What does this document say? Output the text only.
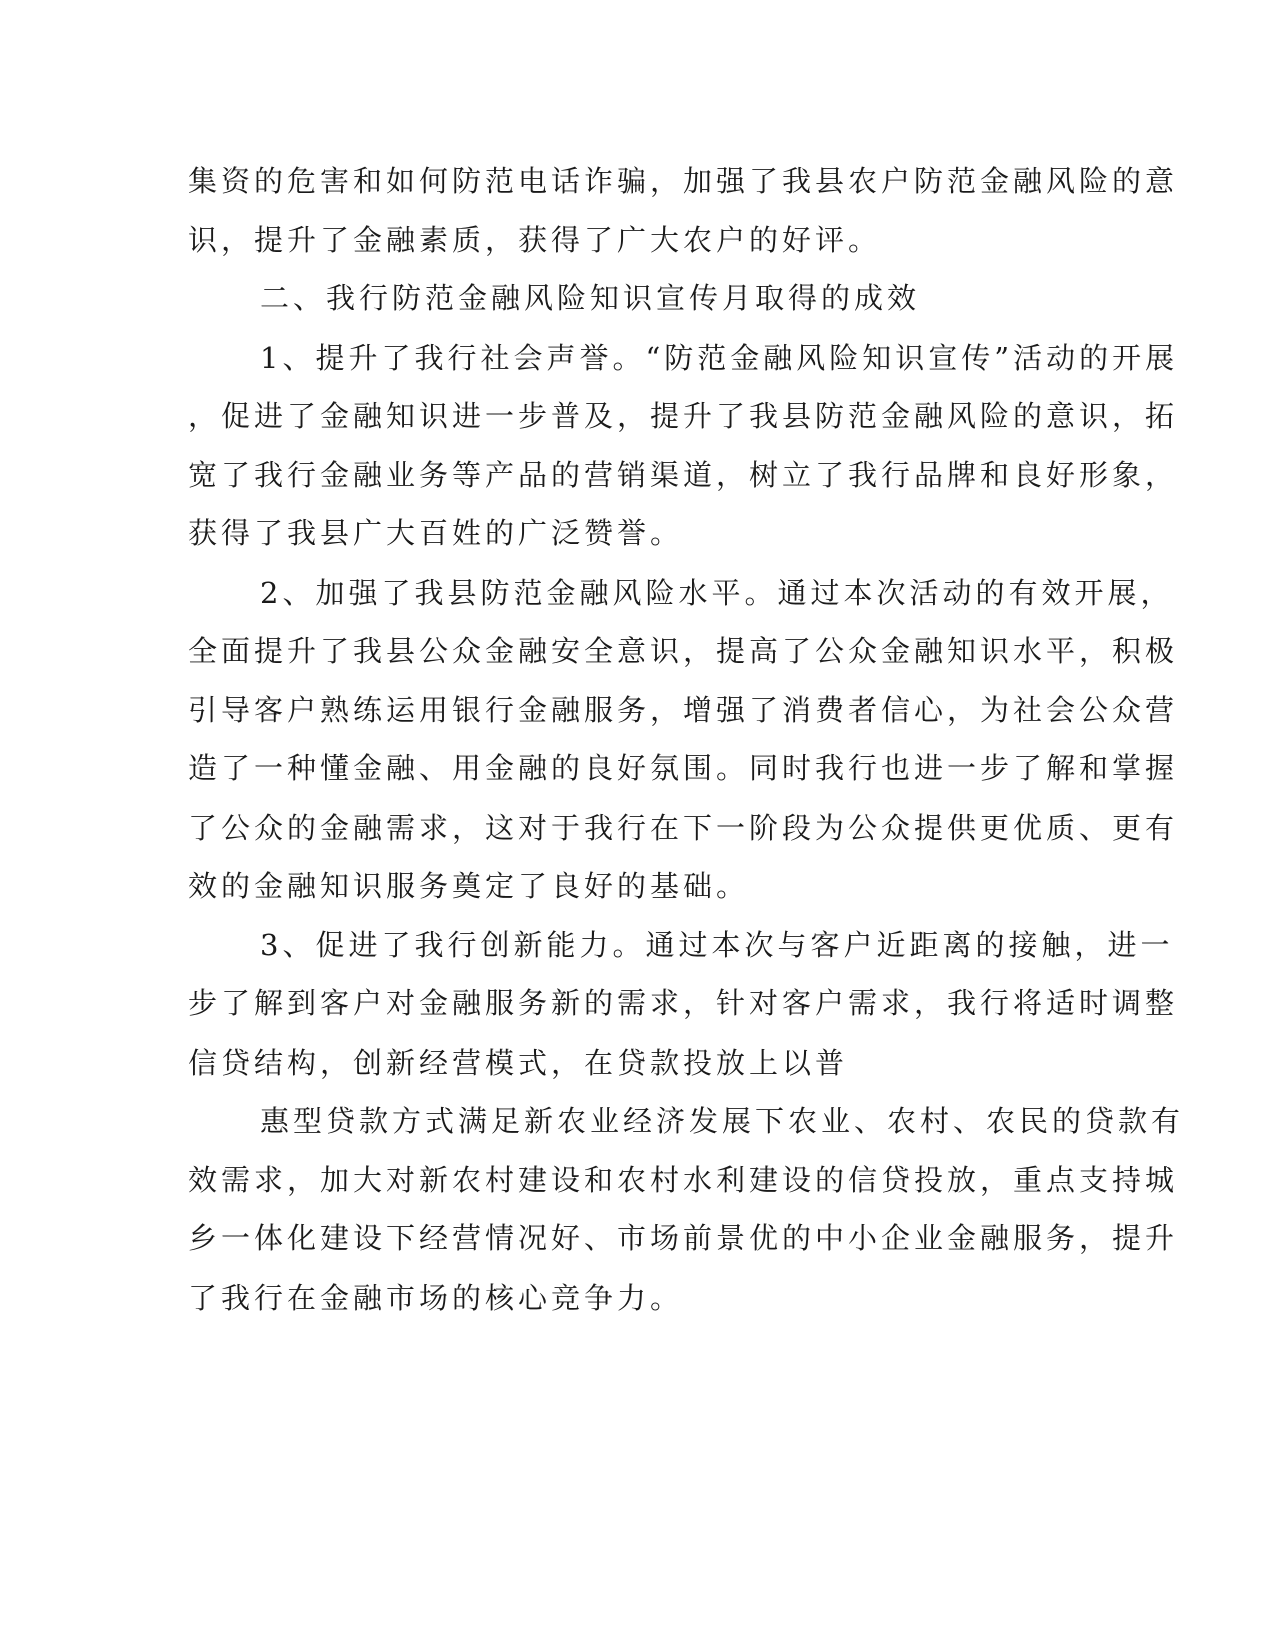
集资的危害和如何防范电话诈骗，加强了我县农户防范金融风险的意
识，提升了金融素质，获得了广大农户的好评。
二、我行防范金融风险知识宣传月取得的成效
1、提升了我行社会声誉。“防范金融风险知识宣传”活动的开展
，促进了金融知识进一步普及，提升了我县防范金融风险的意识，拓
宽了我行金融业务等产品的营销渠道，树立了我行品牌和良好形象，
获得了我县广大百姓的广泛赞誉。
2、加强了我县防范金融风险水平。通过本次活动的有效开展，
全面提升了我县公众金融安全意识，提高了公众金融知识水平，积极
引导客户熟练运用银行金融服务，增强了消费者信心，为社会公众营
造了一种懂金融、用金融的良好氛围。同时我行也进一步了解和掌握
了公众的金融需求，这对于我行在下一阶段为公众提供更优质、更有
效的金融知识服务奠定了良好的基础。
3、促进了我行创新能力。通过本次与客户近距离的接触，进一
步了解到客户对金融服务新的需求，针对客户需求，我行将适时调整
信贷结构，创新经营模式，在贷款投放上以普
惠型贷款方式满足新农业经济发展下农业、农村、农民的贷款有
效需求，加大对新农村建设和农村水利建设的信贷投放，重点支持城
乡一体化建设下经营情况好、市场前景优的中小企业金融服务，提升
了我行在金融市场的核心竞争力。
